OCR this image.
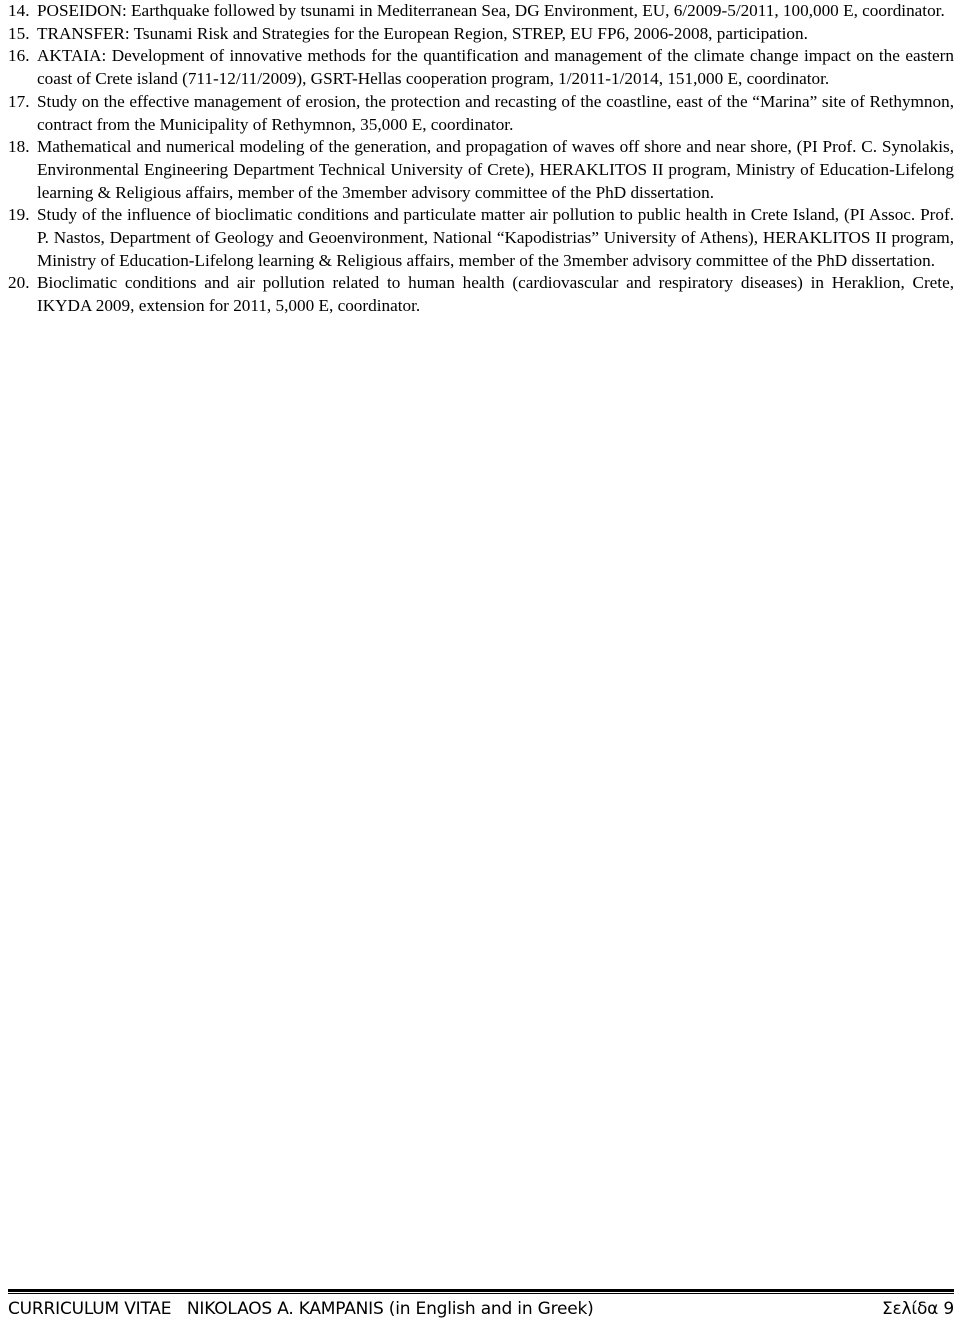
14. POSEIDON: Earthquake followed by tsunami in Mediterranean Sea, DG Environment, EU, 6/2009-5/2011, 100,000 E, coordinator.
15. TRANSFER: Tsunami Risk and Strategies for the European Region, STREP, EU FP6, 2006-2008, participation.
16. AKTAIA: Development of innovative methods for the quantification and management of the climate change impact on the eastern coast of Crete island (711-12/11/2009), GSRT-Hellas cooperation program, 1/2011-1/2014, 151,000 E, coordinator.
17. Study on the effective management of erosion, the protection and recasting of the coastline, east of the “Marina” site of Rethymnon, contract from the Municipality of Rethymnon, 35,000 E, coordinator.
18. Mathematical and numerical modeling of the generation, and propagation of waves off shore and near shore, (PI Prof. C. Synolakis, Environmental Engineering Department Technical University of Crete), HERAKLITOS II program, Ministry of Education-Lifelong learning & Religious affairs, member of the 3member advisory committee of the PhD dissertation.
19. Study of the influence of bioclimatic conditions and particulate matter air pollution to public health in Crete Island, (PI Assoc. Prof. P. Nastos, Department of Geology and Geoenvironment, National “Kapodistrias” University of Athens), HERAKLITOS II program, Ministry of Education-Lifelong learning & Religious affairs, member of the 3member advisory committee of the PhD dissertation.
20. Bioclimatic conditions and air pollution related to human health (cardiovascular and respiratory diseases) in Heraklion, Crete, IKYDA 2009, extension for 2011, 5,000 E, coordinator.
CURRICULUM VITAE   NIKOLAOS A. KAMPANIS (in English and in Greek)	Σελίδα 9
